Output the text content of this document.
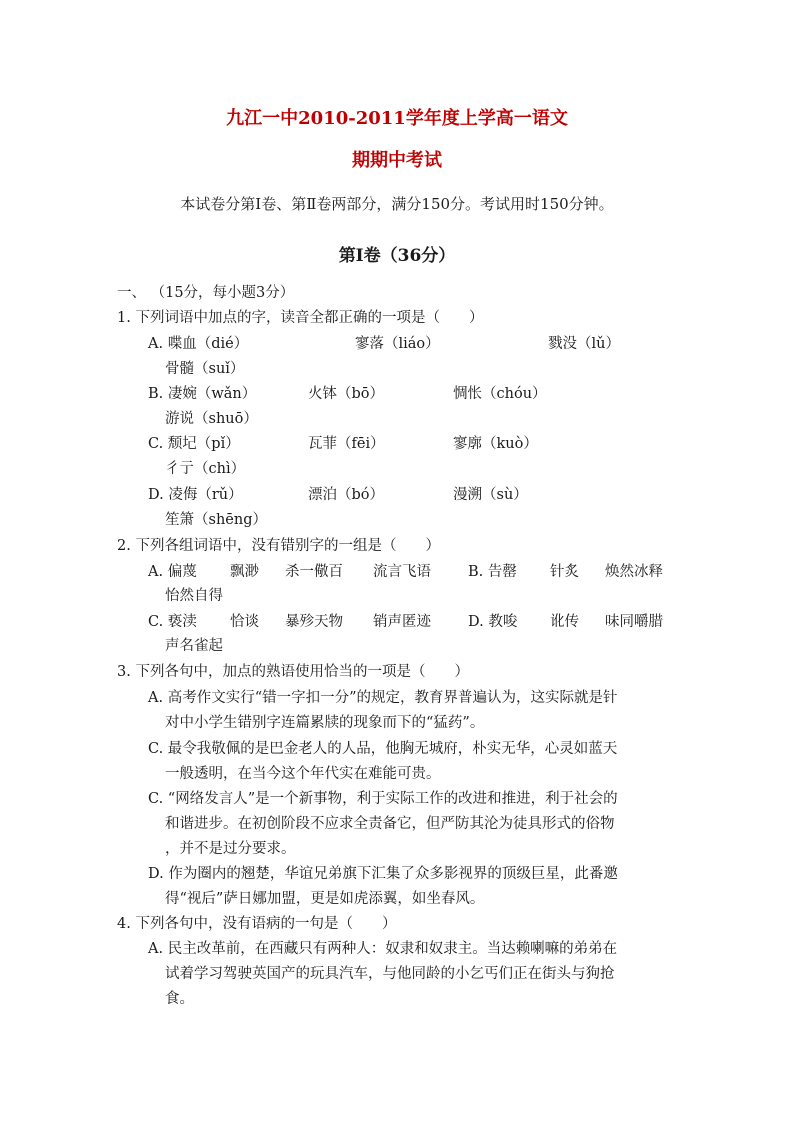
九江一中2010-2011学年度上学高一语文
期期中考试
本试卷分第Ⅰ卷、第Ⅱ卷两部分，满分150分。考试用时150分钟。
第Ⅰ卷（36分）
一、 （15分，每小题3分）
1. 下列词语中加点的字，读音全都正确的一项是（　　）
A. 喋血（dié）	寥落（liáo）	戮没（lǔ）
骨髓（suǐ）
B. 凄婉（wǎn）	火钵（bō）	惆怅（chóu）
游说（shuō）
C. 颓圮（pǐ）	瓦菲（fēi）	寥廓（kuò）
彳亍（chì）
D. 凌侮（rǔ）	漂泊（bó）	漫溯（sù）
笙箫（shēng）
2. 下列各组词语中，没有错别字的一组是（　　）
A. 偏蔑 飘渺 杀一儆百 流言飞语	B. 告罄 针炙 焕然冰释
怡然自得
C. 亵渎 恰谈 暴殄天物 销声匿迹	D. 教唆 讹传 味同嚼腊
声名雀起
3. 下列各句中，加点的熟语使用恰当的一项是（　　）
A. 高考作文实行“错一字扣一分”的规定，教育界普遍认为，这实际就是针
对中小学生错别字连篇累牍的现象而下的“猛药”。
C. 最令我敬佩的是巴金老人的人品，他胸无城府，朴实无华，心灵如蓝天
一般透明，在当今这个年代实在难能可贵。
C. “网络发言人”是一个新事物，利于实际工作的改进和推进，利于社会的
和谐进步。在初创阶段不应求全责备它，但严防其沦为徒具形式的俗物
，并不是过分要求。
D. 作为圈内的翘楚，华谊兄弟旗下汇集了众多影视界的顶级巨星，此番邀
得“视后”萨日娜加盟，更是如虎添翼，如坐春风。
4. 下列各句中，没有语病的一句是（　　）
A. 民主改革前，在西藏只有两种人：奴隶和奴隶主。当达赖喇嘛的弟弟在
试着学习驾驶英国产的玩具汽车，与他同龄的小乞丐们正在街头与狗抢
食。
